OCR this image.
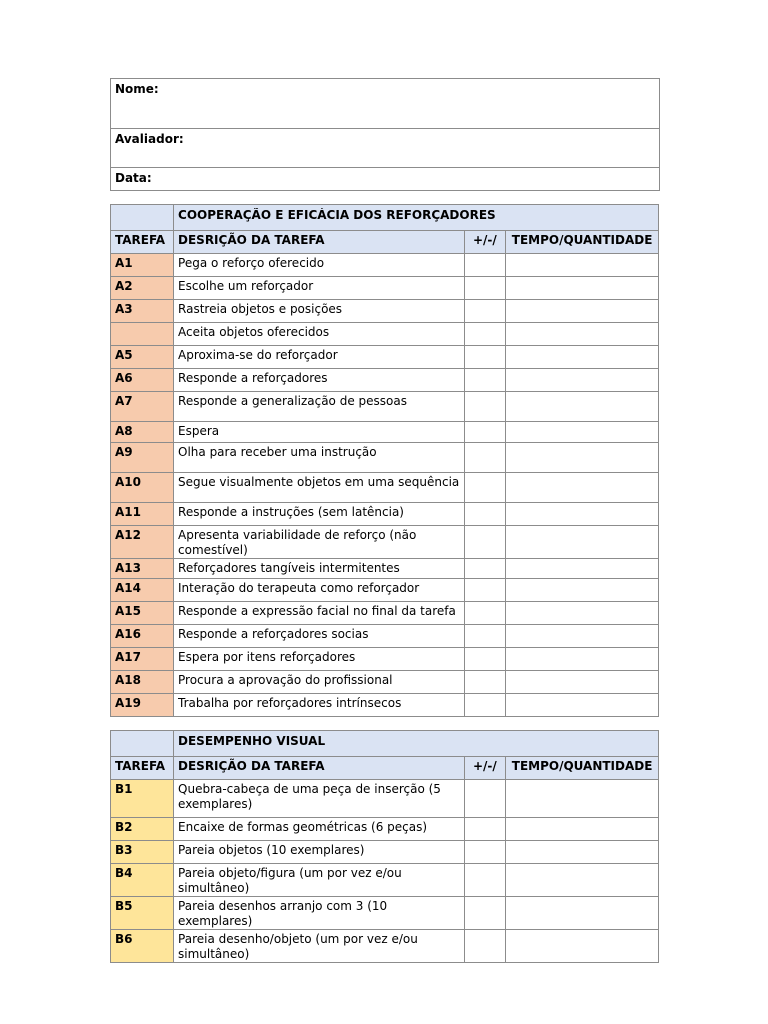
Nome:
Avaliador:
Data:

	COOPERAÇÃO E EFICÁCIA DOS REFORÇADORES		

TAREFA	DESRIÇÃO DA TAREFA	+/-/	TEMPO/QUANTIDADE
A1	Pega o reforço oferecido		

A2	Escolhe um reforçador		

A3	Rastreia objetos e posições		

	Aceita objetos oferecidos		

A5	Aproxima-se do reforçador		

A6	Responde a reforçadores		

A7	Responde a generalização de pessoas		

A8	Espera		

A9	Olha para receber uma instrução		

A10	Segue visualmente objetos em uma sequência		

A11	Responde a instruções (sem latência)		

A12	Apresenta variabilidade de reforço (não comestível)		

A13	Reforçadores tangíveis intermitentes		

A14	Interação do terapeuta como reforçador		

A15	Responde a expressão facial no final da tarefa		

A16	Responde a reforçadores socias		

A17	Espera por itens reforçadores		

A18	Procura a aprovação do profissional		

A19	Trabalha por reforçadores intrínsecos		

	DESEMPENHO VISUAL		
TAREFA	DESRIÇÃO DA TAREFA	+/-/	TEMPO/QUANTIDADE
B1	Quebra-cabeça de uma peça de inserção (5 exemplares)		

B2	Encaixe de formas geométricas (6 peças)		

B3	Pareia objetos (10 exemplares)		

B4	Pareia objeto/figura (um por vez e/ou simultâneo)		

B5	Pareia desenhos arranjo com 3 (10 exemplares)		

B6	Pareia desenho/objeto (um por vez e/ou simultâneo)		
